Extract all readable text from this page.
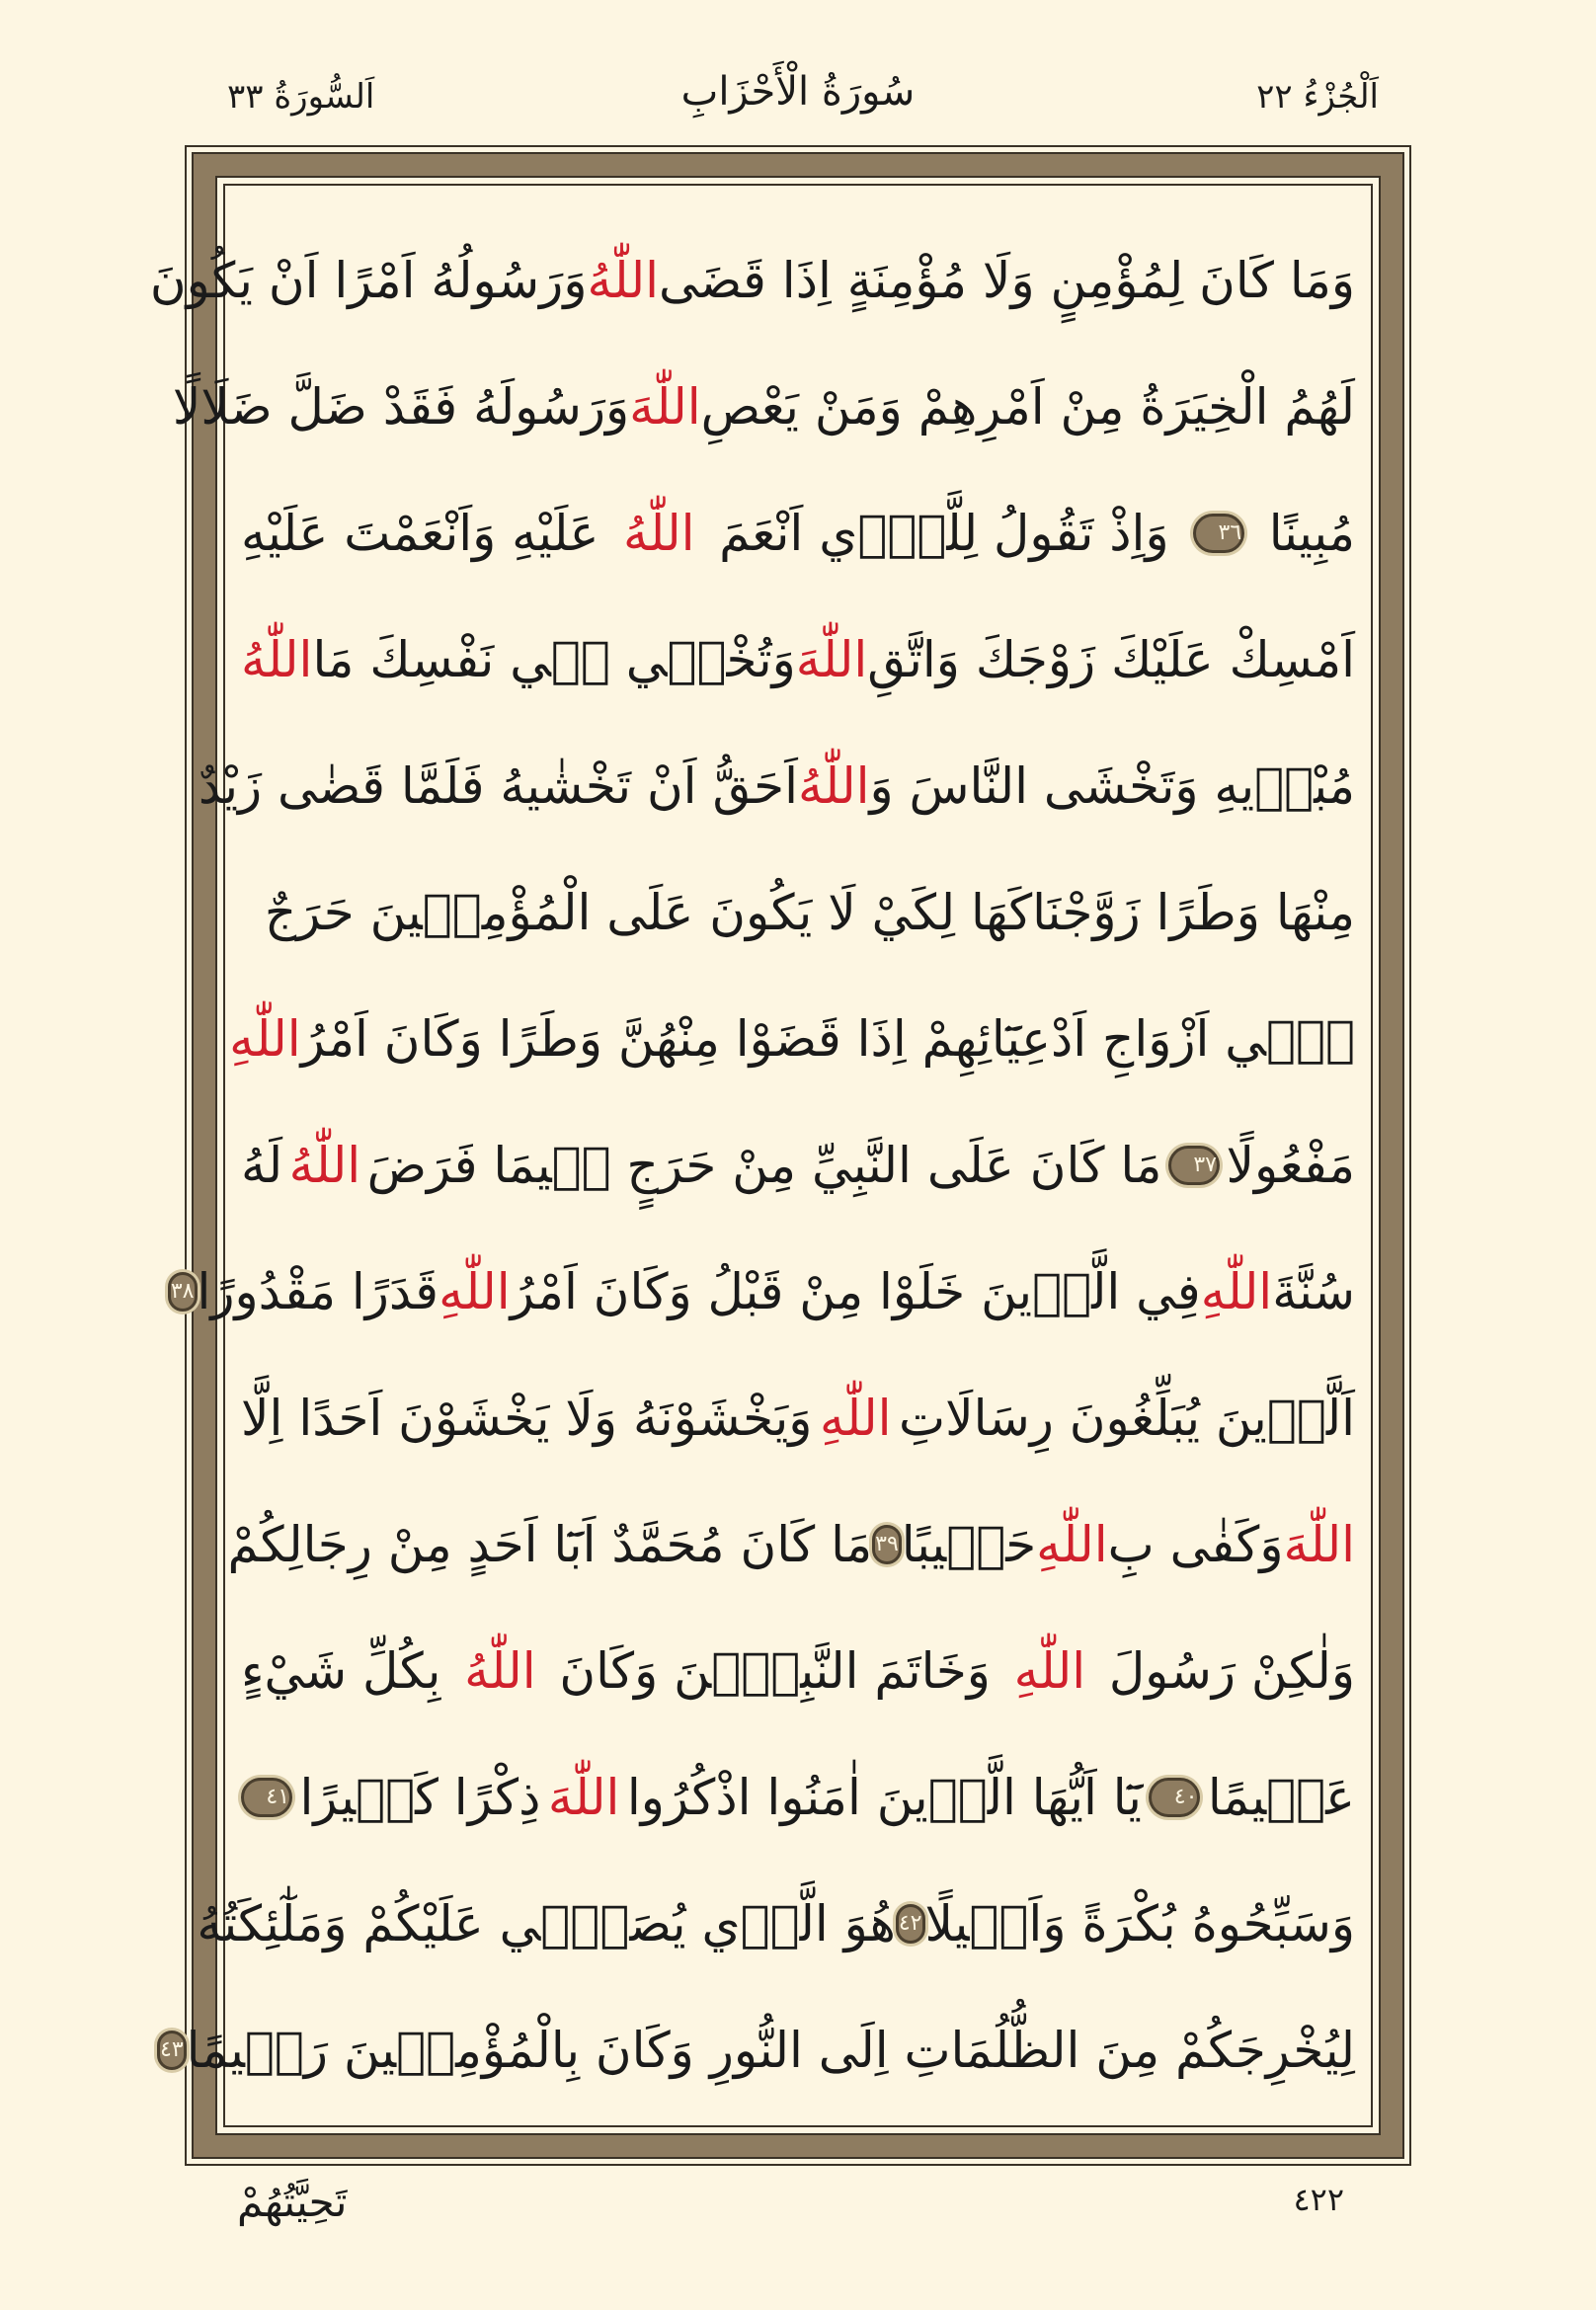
اَلْجُزْءُ ٢٢
سُورَةُ الْأَحْزَابِ
اَلسُّورَةُ ٣٣
وَمَا كَانَ لِمُؤْمِنٍ وَلَا مُؤْمِنَةٍ اِذَا قَضَى
اللّٰهُ
وَرَسُولُهُ اَمْرًا اَنْ يَكُونَ
لَهُمُ الْخِيَرَةُ مِنْ اَمْرِهِمْ وَمَنْ يَعْصِ
اللّٰهَ
وَرَسُولَهُ فَقَدْ ضَلَّ ضَلَالًا
مُبِينًا
٣٦
وَاِذْ تَقُولُ لِلَّذ۪ٓي اَنْعَمَ
اللّٰهُ
عَلَيْهِ وَاَنْعَمْتَ عَلَيْهِ
اَمْسِكْ عَلَيْكَ زَوْجَكَ وَاتَّقِ
اللّٰهَ
وَتُخْف۪ي ف۪ي نَفْسِكَ مَا
اللّٰهُ
مُبْد۪يهِ وَتَخْشَى النَّاسَ وَ
اللّٰهُ
اَحَقُّ اَنْ تَخْشٰيهُ فَلَمَّا قَضٰى زَيْدٌ
مِنْهَا وَطَرًا زَوَّجْنَاكَهَا لِكَيْ لَا يَكُونَ عَلَى الْمُؤْمِن۪ينَ حَرَجٌ
ف۪ٓي اَزْوَاجِ اَدْعِيَٓائِهِمْ اِذَا قَضَوْا مِنْهُنَّ وَطَرًا وَكَانَ اَمْرُ
اللّٰهِ
مَفْعُولًا
٣٧
مَا كَانَ عَلَى النَّبِيِّ مِنْ حَرَجٍ ف۪يمَا فَرَضَ
اللّٰهُ
لَهُ
سُنَّةَ
اللّٰهِ
فِي الَّذ۪ينَ خَلَوْا مِنْ قَبْلُ وَكَانَ اَمْرُ
اللّٰهِ
قَدَرًا مَقْدُورًا
٣٨
اَلَّذ۪ينَ يُبَلِّغُونَ رِسَالَاتِ
اللّٰهِ
وَيَخْشَوْنَهُ وَلَا يَخْشَوْنَ اَحَدًا اِلَّا
اللّٰهَ
وَكَفٰى بِ
اللّٰهِ
حَس۪يبًا
٣٩
مَا كَانَ مُحَمَّدٌ اَبَٓا اَحَدٍ مِنْ رِجَالِكُمْ
وَلٰكِنْ رَسُولَ
اللّٰهِ
وَخَاتَمَ النَّبِيّ۪نَ وَكَانَ
اللّٰهُ
بِكُلِّ شَيْءٍ
عَل۪يمًا
٤٠
يَٓا اَيُّهَا الَّذ۪ينَ اٰمَنُوا اذْكُرُوا
اللّٰهَ
ذِكْرًا كَث۪يرًا
٤١
وَسَبِّحُوهُ بُكْرَةً وَاَص۪يلًا
٤٢
هُوَ الَّذ۪ي يُصَلّ۪ي عَلَيْكُمْ وَمَلٰٓئِكَتُهُ
لِيُخْرِجَكُمْ مِنَ الظُّلُمَاتِ اِلَى النُّورِ وَكَانَ بِالْمُؤْمِن۪ينَ رَح۪يمًا
٤٣
٤٢٢
تَحِيَّتُهُمْ
